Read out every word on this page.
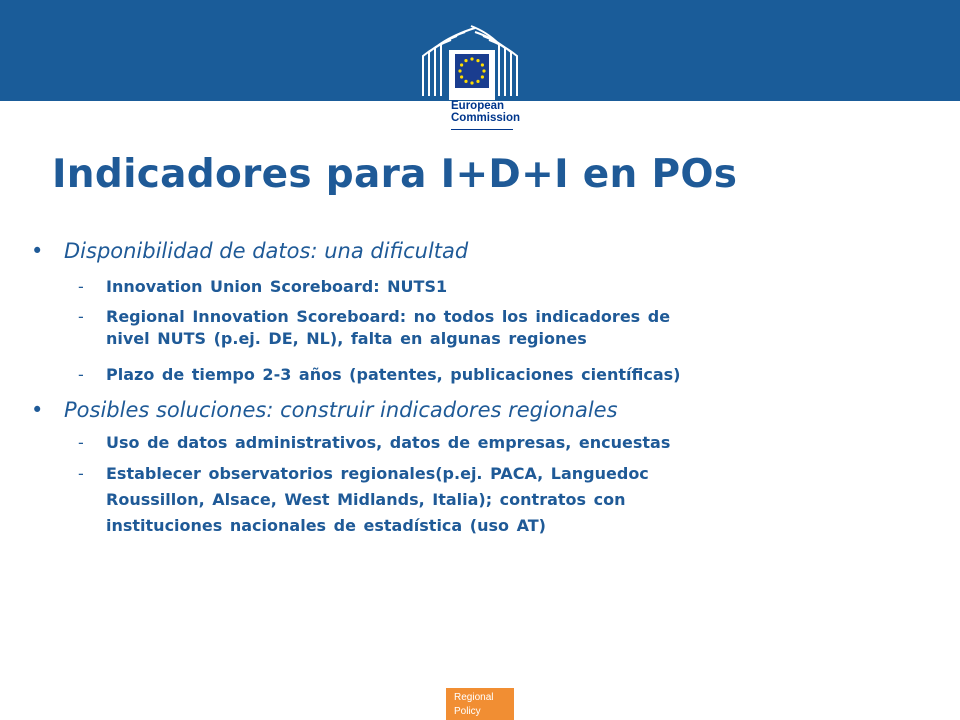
European
Commission
Indicadores para I+D+I en POs
• Disponibilidad de datos: una dificultad
- Innovation Union Scoreboard: NUTS1
- Regional Innovation Scoreboard: no todos los indicadores de
nivel NUTS (p.ej. DE, NL), falta en algunas regiones
- Plazo de tiempo 2-3 años (patentes, publicaciones científicas)
• Posibles soluciones: construir indicadores regionales
- Uso de datos administrativos, datos de empresas, encuestas
- Establecer observatorios regionales(p.ej. PACA, Languedoc
Roussillon, Alsace, West Midlands, Italia); contratos con
instituciones nacionales de estadística (uso AT)
Regional
Policy
